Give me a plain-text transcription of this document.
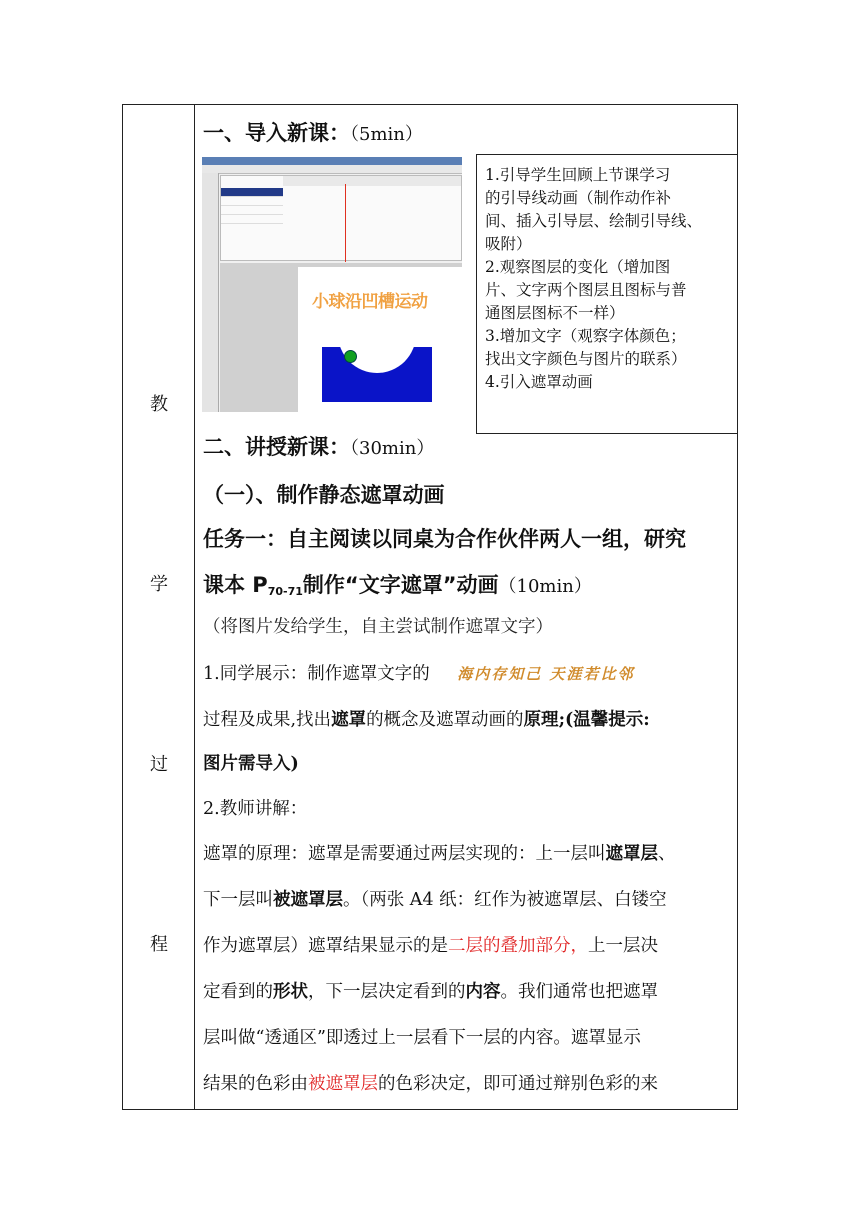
教
学
过
程
一、导入新课：（5min）
二、讲授新课：（30min）
（一）、制作静态遮罩动画
任务一：自主阅读以同桌为合作伙伴两人一组，研究
课本 $P_{70-71}$制作“文字遮罩”动画（10min）
（将图片发给学生，自主尝试制作遮罩文字）
1.同学展示：制作遮罩文字的 海内存知己 天涯若比邻
过程及成果,找出遮罩的概念及遮罩动画的原理;(温馨提示:
图片需导入)
2.教师讲解：
遮罩的原理：遮罩是需要通过两层实现的：上一层叫遮罩层、
下一层叫被遮罩层。（两张 A4 纸：红作为被遮罩层、白镂空
作为遮罩层）遮罩结果显示的是二层的叠加部分，上一层决
定看到的形状，下一层决定看到的内容。我们通常也把遮罩
层叫做“透通区”即透过上一层看下一层的内容。遮罩显示
结果的色彩由被遮罩层的色彩决定，即可通过辩别色彩的来
小球沿凹槽运动
1.引导学生回顾上节课学习
的引导线动画（制作动作补
间、插入引导层、绘制引导线、
吸附）
2.观察图层的变化（增加图
片、文字两个图层且图标与普
通图层图标不一样）
3.增加文字（观察字体颜色；
找出文字颜色与图片的联系）
4.引入遮罩动画
